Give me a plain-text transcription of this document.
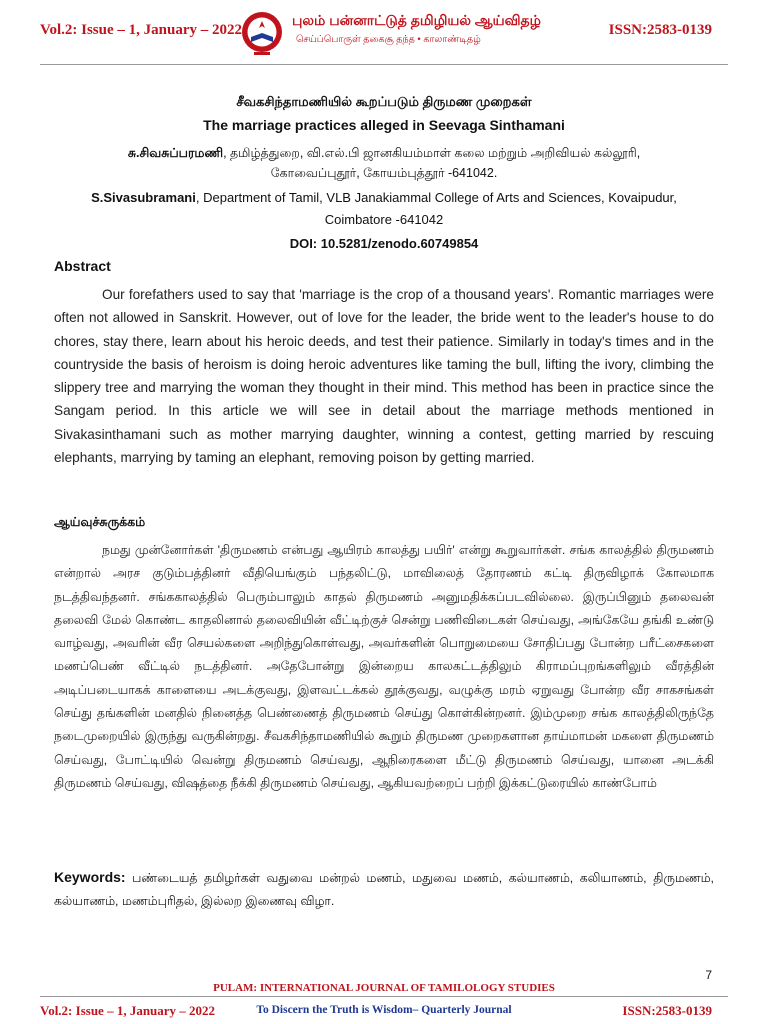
Vol.2: Issue – 1, January – 2022
புலம் பன்னாட்டுத் தமிழியல் ஆய்விதழ்
செய்ப்பொருள் தகைசூ தந்த • காலாண்டிதழ்
ISSN:2583-0139
சீவகசிந்தாமணியில் கூறப்படும் திருமண முறைகள்
The marriage practices alleged in Seevaga Sinthamani
சு.சிவசுப்பரமணி, தமிழ்த்துறை, வி.எல்.பி ஜானகியம்மாள் கலை மற்றும் அறிவியல் கல்லூரி,
கோவைப்புதூர், கோயம்புத்தூர் -641042.
S.Sivasubramani, Department of Tamil, VLB Janakiammal College of Arts and Sciences, Kovaipudur,
Coimbatore -641042
DOI: 10.5281/zenodo.60749854
Abstract

Our forefathers used to say that 'marriage is the crop of a thousand years'. Romantic marriages were often not allowed in Sanskrit. However, out of love for the leader, the bride went to the leader's house to do chores, stay there, learn about his heroic deeds, and test their patience. Similarly in today's times and in the countryside the basis of heroism is doing heroic adventures like taming the bull, lifting the ivory, climbing the slippery tree and marrying the woman they thought in their mind. This method has been in practice since the Sangam period. In this article we will see in detail about the marriage methods mentioned in Sivakasinthamani such as mother marrying daughter, winning a contest, getting married by rescuing elephants, marrying by taming an elephant, removing poison by getting married.

ஆய்வுச்சுருக்கம்

நமது முன்னோர்கள் 'திருமணம் என்பது ஆயிரம் காலத்து பயிர்' என்று கூறுவார்கள். சங்க காலத்தில் திருமணம் என்றால் அரச குடும்பத்தினர் வீதியெங்கும் பந்தலிட்டு, மாவிலைத் தோரணம் கட்டி திருவிழாக் கோலமாக நடத்திவந்தனர். சங்ககாலத்தில் பெரும்பாலும் காதல் திருமணம் அனுமதிக்கப்படவில்லை. இருப்பினும் தலைவன் தலைவி மேல் கொண்ட காதலினால் தலைவியின் வீட்டிற்குச் சென்று பணிவிடைகள் செய்வது, அங்கேயே தங்கி உண்டு வாழ்வது, அவரின் வீர செயல்களை அறிந்துகொள்வது, அவர்களின் பொறுமையை சோதிப்பது போன்ற பரீட்சைகளை மணப்பெண் வீட்டில் நடத்தினர். அதேபோன்று இன்றைய காலகட்டத்திலும் கிராமப்புறங்களிலும் வீரத்தின் அடிப்படையாகக் காளையை அடக்குவது, இளவட்டக்கல் தூக்குவது, வழுக்கு மரம் ஏறுவது போன்ற வீர சாகசங்கள் செய்து தங்களின் மனதில் நினைத்த பெண்ணைத் திருமணம் செய்து கொள்கின்றனர். இம்முறை சங்க காலத்திலிருந்தே நடைமுறையில் இருந்து வருகின்றது. சீவகசிந்தாமணியில் கூறும் திருமண முறைகளான தாய்மாமன் மகளை திருமணம் செய்வது, போட்டியில் வென்று திருமணம் செய்வது, ஆநிரைகளை மீட்டு திருமணம் செய்வது, யானை அடக்கி திருமணம் செய்வது, விஷத்தை நீக்கி திருமணம் செய்வது, ஆகியவற்றைப் பற்றி இக்கட்டுரையில் காண்போம்

Keywords: பண்டையத் தமிழர்கள் வதுவை மன்றல் மணம், மதுவை மணம், கல்யாணம், கலியாணம், திருமணம், கல்யாணம், மணம்புரிதல், இல்லற இணைவு விழா.

7
PULAM: INTERNATIONAL JOURNAL OF TAMILOLOGY STUDIES
Vol.2: Issue – 1, January – 2022	To Discern the Truth is Wisdom– Quarterly Journal	ISSN:2583-0139
